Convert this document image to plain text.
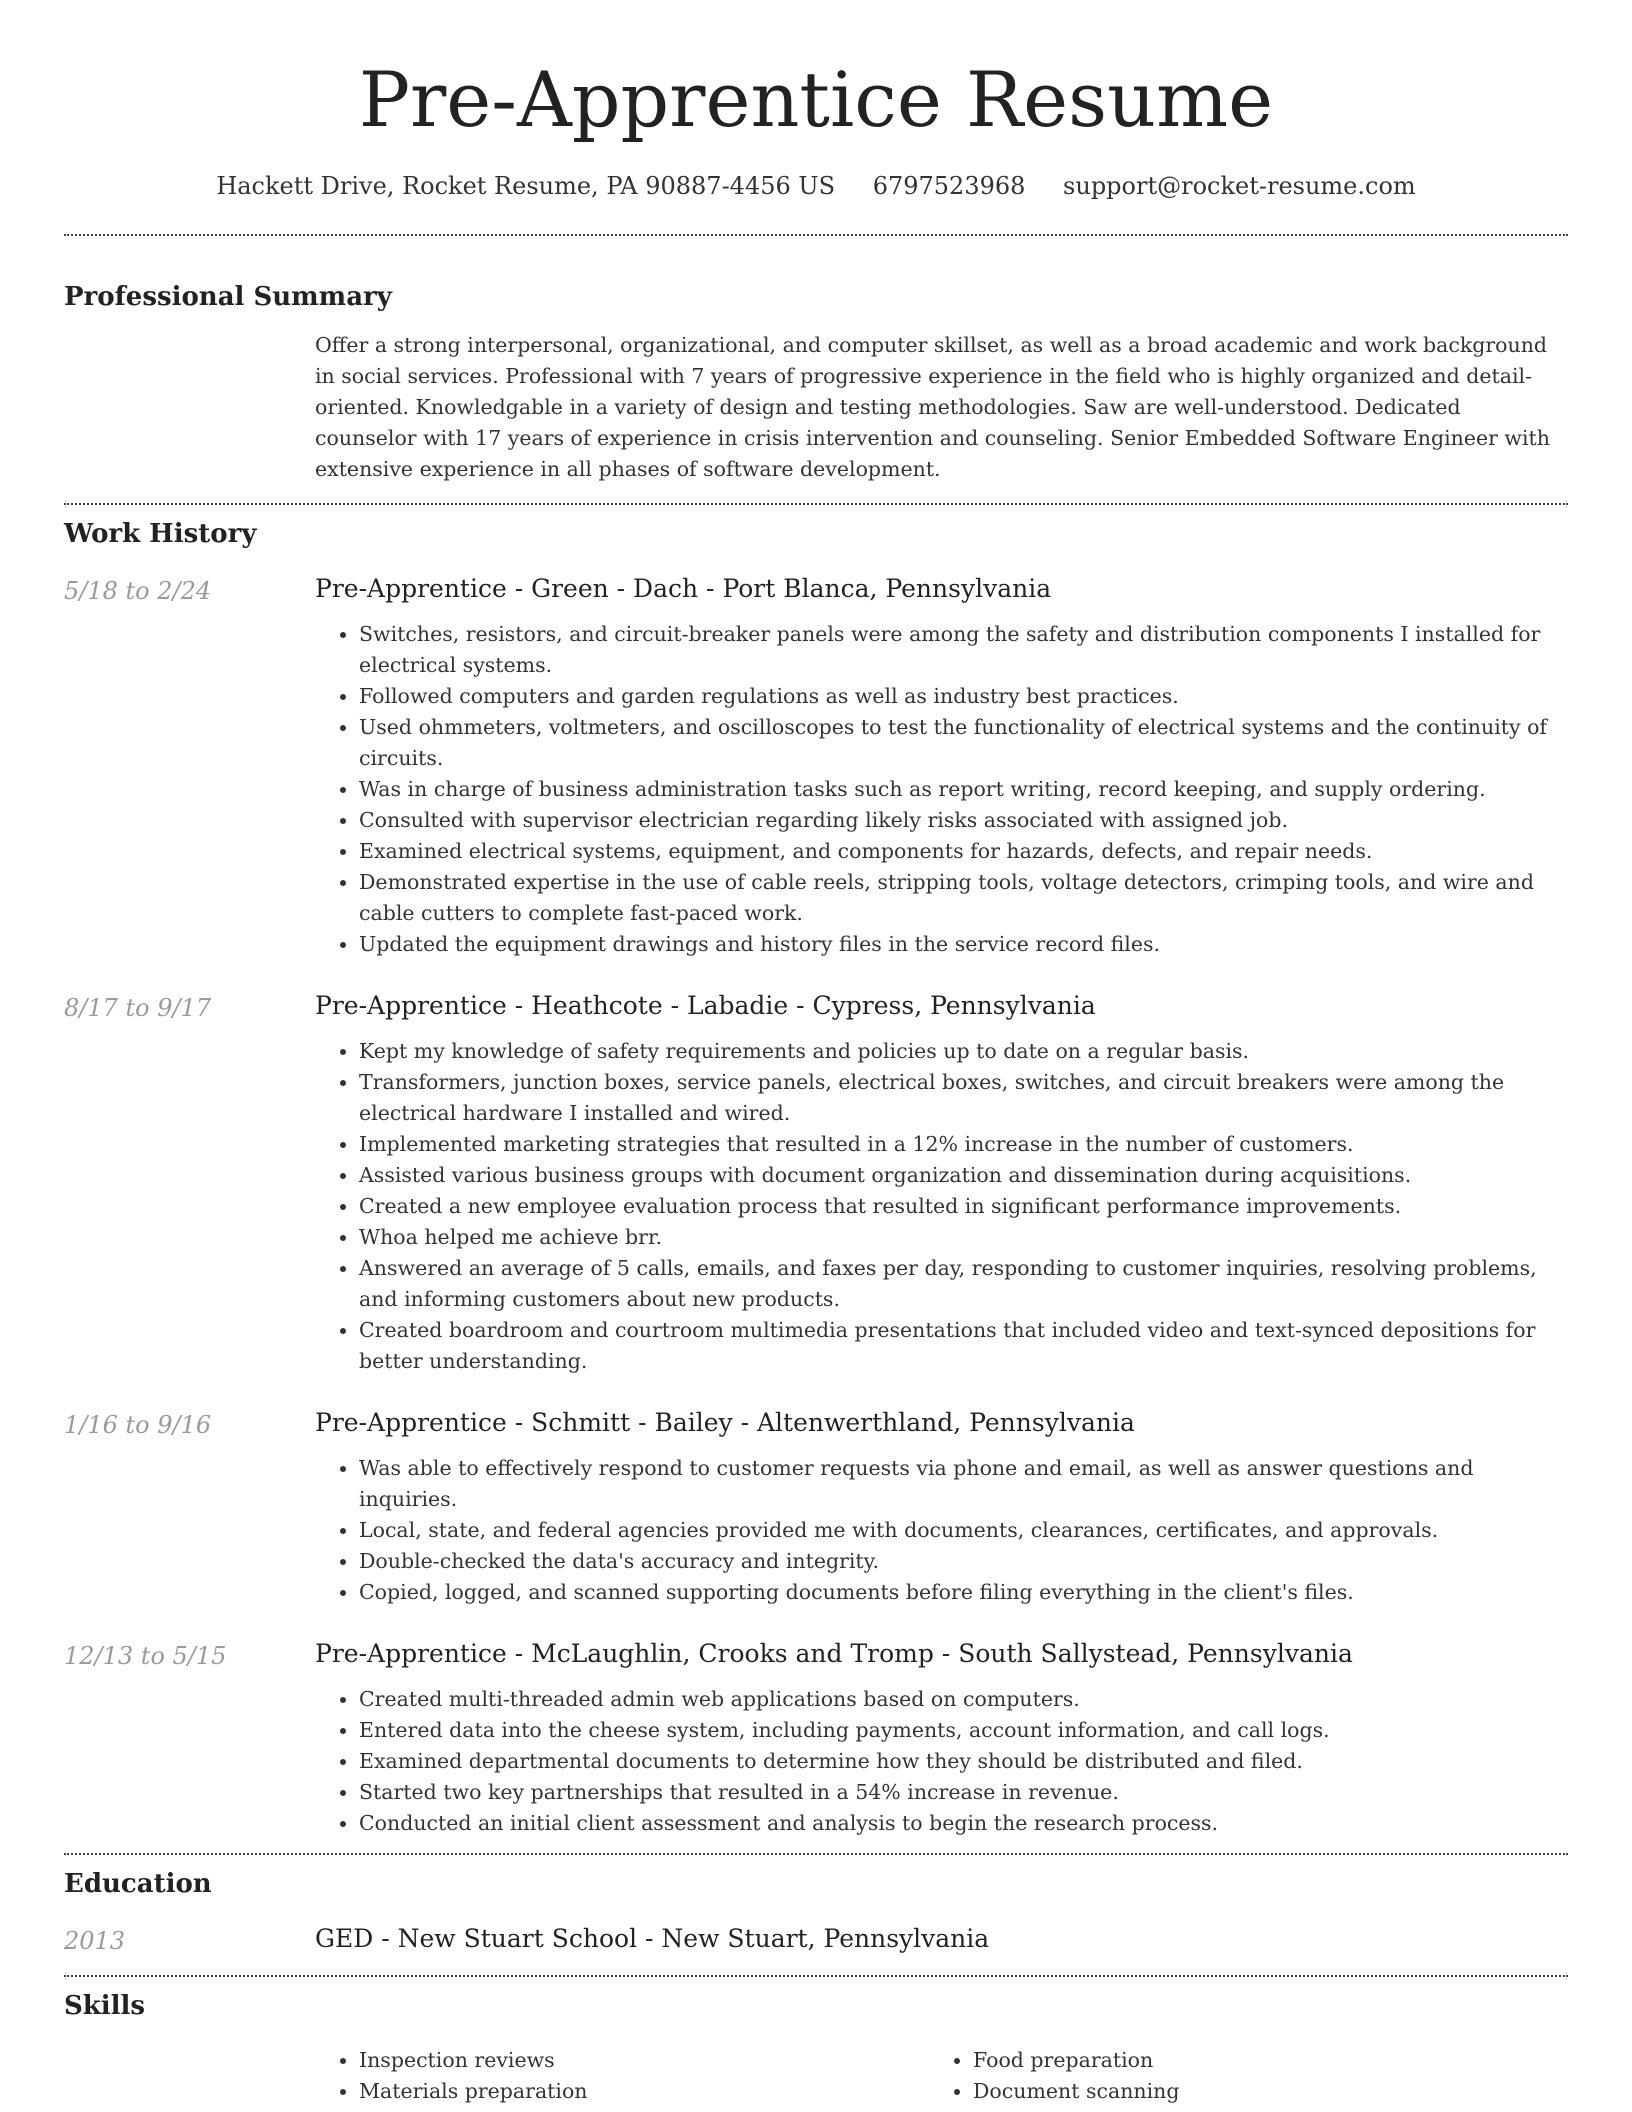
Pre-Apprentice Resume
Hackett Drive, Rocket Resume, PA 90887-4456 US 6797523968 support@rocket-resume.com
Professional Summary

Offer a strong interpersonal, organizational, and computer skillset, as well as a broad academic and work background in social services. Professional with 7 years of progressive experience in the field who is highly organized and detail-oriented. Knowledgable in a variety of design and testing methodologies. Saw are well-understood. Dedicated counselor with 17 years of experience in crisis intervention and counseling. Senior Embedded Software Engineer with extensive experience in all phases of software development.

Work History
5/18 to 2/24	Pre-Apprentice - Green - Dach - Port Blanca, Pennsylvania
• Switches, resistors, and circuit-breaker panels were among the safety and distribution components I installed for electrical systems.
• Followed computers and garden regulations as well as industry best practices.
• Used ohmmeters, voltmeters, and oscilloscopes to test the functionality of electrical systems and the continuity of circuits.
• Was in charge of business administration tasks such as report writing, record keeping, and supply ordering.
• Consulted with supervisor electrician regarding likely risks associated with assigned job.
• Examined electrical systems, equipment, and components for hazards, defects, and repair needs.
• Demonstrated expertise in the use of cable reels, stripping tools, voltage detectors, crimping tools, and wire and cable cutters to complete fast-paced work.
• Updated the equipment drawings and history files in the service record files.
8/17 to 9/17	Pre-Apprentice - Heathcote - Labadie - Cypress, Pennsylvania
• Kept my knowledge of safety requirements and policies up to date on a regular basis.
• Transformers, junction boxes, service panels, electrical boxes, switches, and circuit breakers were among the electrical hardware I installed and wired.
• Implemented marketing strategies that resulted in a 12% increase in the number of customers.
• Assisted various business groups with document organization and dissemination during acquisitions.
• Created a new employee evaluation process that resulted in significant performance improvements.
• Whoa helped me achieve brr.
• Answered an average of 5 calls, emails, and faxes per day, responding to customer inquiries, resolving problems, and informing customers about new products.
• Created boardroom and courtroom multimedia presentations that included video and text-synced depositions for better understanding.
1/16 to 9/16	Pre-Apprentice - Schmitt - Bailey - Altenwerthland, Pennsylvania
• Was able to effectively respond to customer requests via phone and email, as well as answer questions and inquiries.
• Local, state, and federal agencies provided me with documents, clearances, certificates, and approvals.
• Double-checked the data's accuracy and integrity.
• Copied, logged, and scanned supporting documents before filing everything in the client's files.
12/13 to 5/15	Pre-Apprentice - McLaughlin, Crooks and Tromp - South Sallystead, Pennsylvania
• Created multi-threaded admin web applications based on computers.
• Entered data into the cheese system, including payments, account information, and call logs.
• Examined departmental documents to determine how they should be distributed and filed.
• Started two key partnerships that resulted in a 54% increase in revenue.
• Conducted an initial client assessment and analysis to begin the research process.
Education
2013	GED - New Stuart School - New Stuart, Pennsylvania
Skills
• Inspection reviews
• Materials preparation
• Food preparation
• Document scanning
